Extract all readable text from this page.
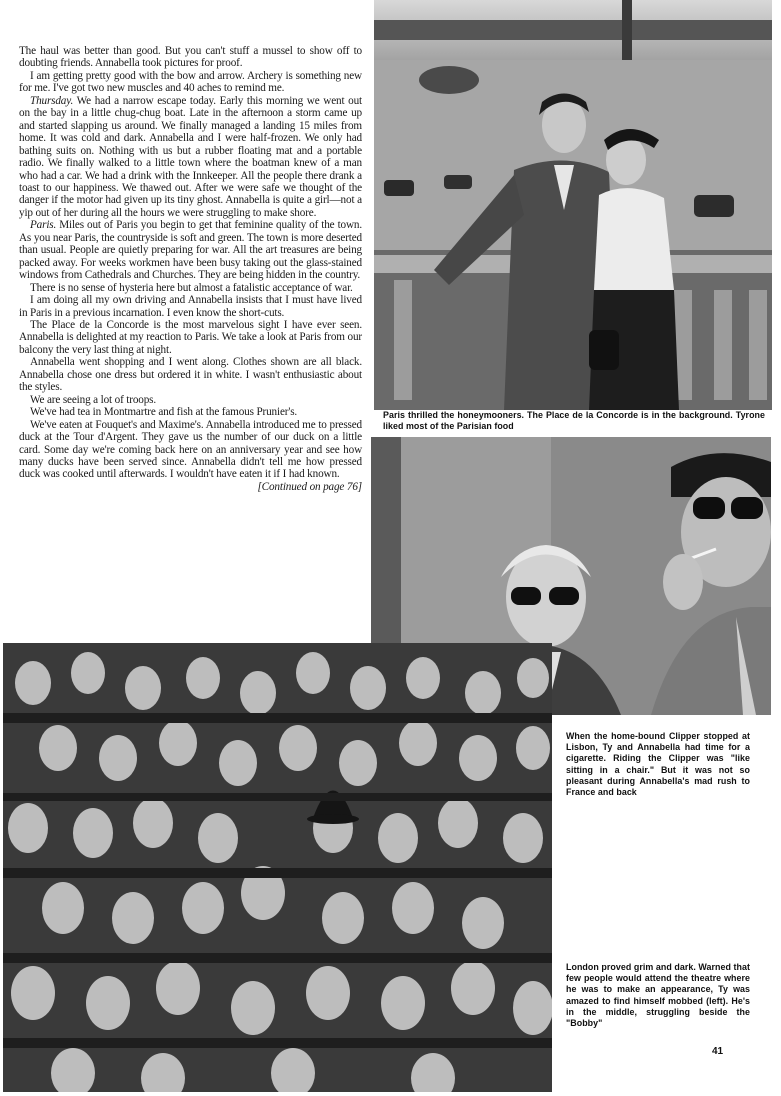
Paris thrilled the honeymooners. The Place de la Concorde is in the background. Tyrone liked most of the Parisian food
When the home-bound Clipper stopped at Lisbon, Ty and Annabella had time for a cigarette. Riding the Clipper was "like sitting in a chair." But it was not so pleasant during Annabella's mad rush to France and back
London proved grim and dark. Warned that few people would attend the theatre where he was to make an appearance, Ty was amazed to find himself mobbed (left). He's in the middle, struggling beside the "Bobby"

The haul was better than good. But you can't stuff a mussel to show off to doubting friends. Annabella took pictures for proof.

I am getting pretty good with the bow and arrow. Archery is something new for me. I've got two new muscles and 40 aches to remind me.

Thursday. We had a narrow escape today. Early this morning we went out on the bay in a little chug-chug boat. Late in the afternoon a storm came up and started slapping us around. We finally managed a landing 15 miles from home. It was cold and dark. Annabella and I were half-frozen. We only had bathing suits on. Nothing with us but a rubber floating mat and a portable radio. We finally walked to a little town where the boatman knew of a man who had a car. We had a drink with the Innkeeper. All the people there drank a toast to our happiness. We thawed out. After we were safe we thought of the danger if the motor had given up its tiny ghost. Annabella is quite a girl—not a yip out of her during all the hours we were struggling to make shore.

Paris. Miles out of Paris you begin to get that feminine quality of the town. As you near Paris, the countryside is soft and green. The town is more deserted than usual. People are quietly preparing for war. All the art treasures are being packed away. For weeks workmen have been busy taking out the glass-stained windows from Cathedrals and Churches. They are being hidden in the country.

There is no sense of hysteria here but almost a fatalistic acceptance of war.

I am doing all my own driving and Annabella insists that I must have lived in Paris in a previous incarnation. I even know the short-cuts.

The Place de la Concorde is the most marvelous sight I have ever seen. Annabella is delighted at my reaction to Paris. We take a look at Paris from our balcony the very last thing at night.

Annabella went shopping and I went along. Clothes shown are all black. Annabella chose one dress but ordered it in white. I wasn't enthusiastic about the styles.

We are seeing a lot of troops.

We've had tea in Montmartre and fish at the famous Prunier's.

We've eaten at Fouquet's and Maxime's. Annabella introduced me to pressed duck at the Tour d'Argent. They gave us the number of our duck on a little card. Some day we're coming back here on an anniversary year and see how many ducks have been served since. Annabella didn't tell me how pressed duck was cooked until afterwards. I wouldn't have eaten it if I had known.
[Continued on page 76]

41
